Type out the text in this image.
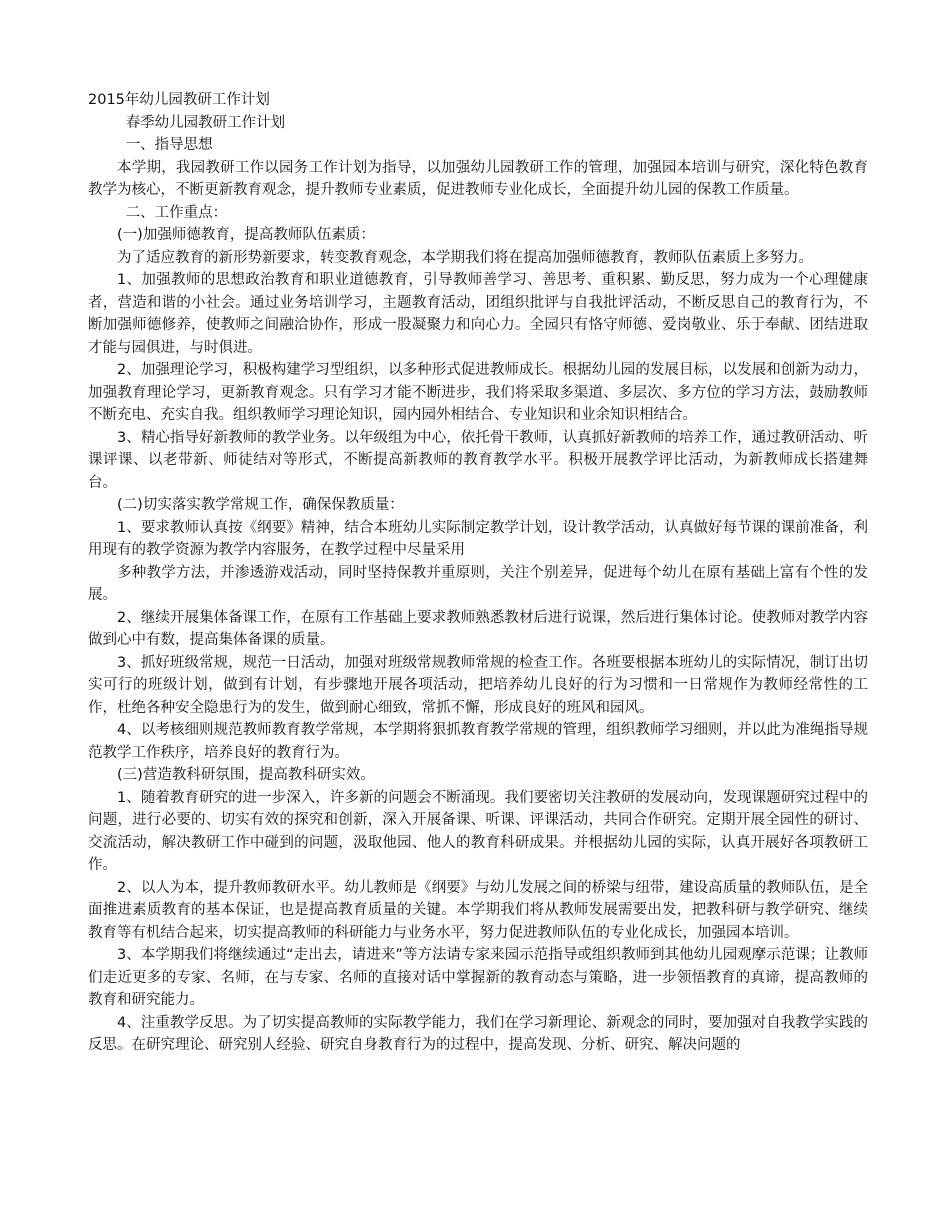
2015年幼儿园教研工作计划

春季幼儿园教研工作计划

一、指导思想

本学期，我园教研工作以园务工作计划为指导，以加强幼儿园教研工作的管理，加强园本培训与研究，深化特色教育教学为核心，不断更新教育观念，提升教师专业素质，促进教师专业化成长，全面提升幼儿园的保教工作质量。

二、工作重点：

(一)加强师德教育，提高教师队伍素质：

为了适应教育的新形势新要求，转变教育观念，本学期我们将在提高加强师德教育，教师队伍素质上多努力。

1、加强教师的思想政治教育和职业道德教育，引导教师善学习、善思考、重积累、勤反思，努力成为一个心理健康者，营造和谐的小社会。通过业务培训学习，主题教育活动，团组织批评与自我批评活动，不断反思自己的教育行为，不断加强师德修养，使教师之间融洽协作，形成一股凝聚力和向心力。全园只有恪守师德、爱岗敬业、乐于奉献、团结进取才能与园俱进，与时俱进。

2、加强理论学习，积极构建学习型组织，以多种形式促进教师成长。根据幼儿园的发展目标，以发展和创新为动力，加强教育理论学习，更新教育观念。只有学习才能不断进步，我们将采取多渠道、多层次、多方位的学习方法，鼓励教师不断充电、充实自我。组织教师学习理论知识，园内园外相结合、专业知识和业余知识相结合。

3、精心指导好新教师的教学业务。以年级组为中心，依托骨干教师，认真抓好新教师的培养工作，通过教研活动、听课评课、以老带新、师徒结对等形式，不断提高新教师的教育教学水平。积极开展教学评比活动，为新教师成长搭建舞台。

(二)切实落实教学常规工作，确保保教质量：

1、要求教师认真按《纲要》精神，结合本班幼儿实际制定教学计划，设计教学活动，认真做好每节课的课前准备，利用现有的教学资源为教学内容服务，在教学过程中尽量采用

多种教学方法，并渗透游戏活动，同时坚持保教并重原则，关注个别差异，促进每个幼儿在原有基础上富有个性的发展。

2、继续开展集体备课工作，在原有工作基础上要求教师熟悉教材后进行说课，然后进行集体讨论。使教师对教学内容做到心中有数，提高集体备课的质量。

3、抓好班级常规，规范一日活动，加强对班级常规教师常规的检查工作。各班要根据本班幼儿的实际情况，制订出切实可行的班级计划，做到有计划，有步骤地开展各项活动，把培养幼儿良好的行为习惯和一日常规作为教师经常性的工作，杜绝各种安全隐患行为的发生，做到耐心细致，常抓不懈，形成良好的班风和园风。

4、以考核细则规范教师教育教学常规，本学期将狠抓教育教学常规的管理，组织教师学习细则，并以此为准绳指导规范教学工作秩序，培养良好的教育行为。

(三)营造教科研氛围，提高教科研实效。

1、随着教育研究的进一步深入，许多新的问题会不断涌现。我们要密切关注教研的发展动向，发现课题研究过程中的问题，进行必要的、切实有效的探究和创新，深入开展备课、听课、评课活动，共同合作研究。定期开展全园性的研讨、交流活动，解决教研工作中碰到的问题，汲取他园、他人的教育科研成果。并根据幼儿园的实际，认真开展好各项教研工作。

2、以人为本，提升教师教研水平。幼儿教师是《纲要》与幼儿发展之间的桥梁与纽带，建设高质量的教师队伍，是全面推进素质教育的基本保证，也是提高教育质量的关键。本学期我们将从教师发展需要出发，把教科研与教学研究、继续教育等有机结合起来，切实提高教师的科研能力与业务水平，努力促进教师队伍的专业化成长，加强园本培训。

3、本学期我们将继续通过“走出去，请进来”等方法请专家来园示范指导或组织教师到其他幼儿园观摩示范课；让教师们走近更多的专家、名师，在与专家、名师的直接对话中掌握新的教育动态与策略，进一步领悟教育的真谛，提高教师的教育和研究能力。

4、注重教学反思。为了切实提高教师的实际教学能力，我们在学习新理论、新观念的同时，要加强对自我教学实践的反思。在研究理论、研究别人经验、研究自身教育行为的过程中，提高发现、分析、研究、解决问题的
